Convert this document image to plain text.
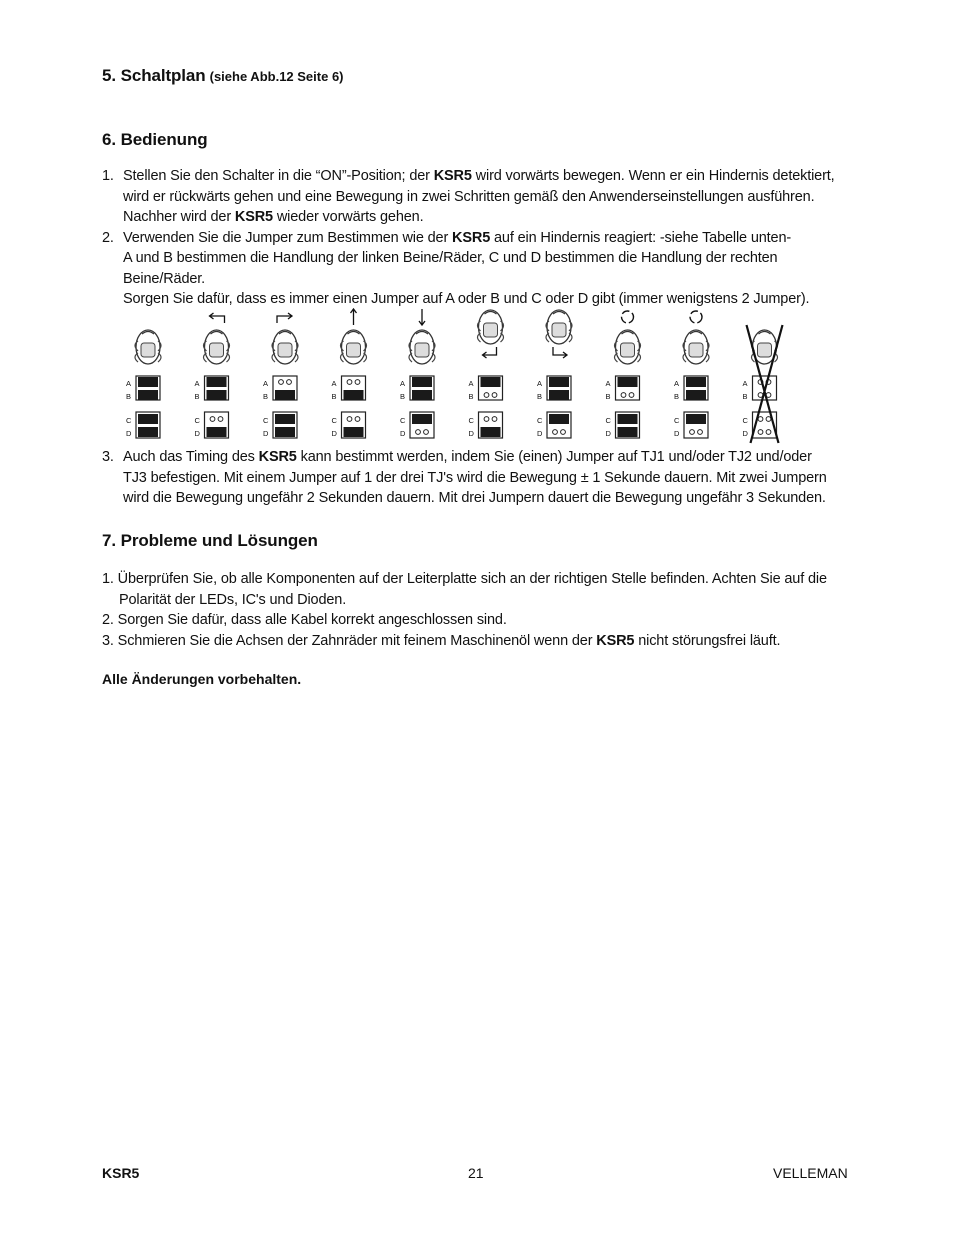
5. Schaltplan (siehe Abb.12 Seite 6)
6. Bedienung
1. Stellen Sie den Schalter in die “ON”-Position; der KSR5 wird vorwärts bewegen. Wenn er ein Hindernis detektiert,
wird er rückwärts gehen und eine Bewegung in zwei Schritten gemäß den Anwenderseinstellungen ausführen.
Nachher wird der KSR5 wieder vorwärts gehen.
2. Verwenden Sie die Jumper zum Bestimmen wie der KSR5 auf ein Hindernis reagiert: -siehe Tabelle unten-
A und B bestimmen die Handlung der linken Beine/Räder, C und D bestimmen die Handlung der rechten
Beine/Räder.
Sorgen Sie dafür, dass es immer einen Jumper auf A oder B und C oder D gibt (immer wenigstens 2 Jumper).
A
B
C
D
A
B
C
D
A
B
C
D
A
B
C
D
A
B
C
D
A
B
C
D
A
B
C
D
A
B
C
D
A
B
C
D
A
B
C
D
3. Auch das Timing des KSR5 kann bestimmt werden, indem Sie (einen) Jumper auf TJ1 und/oder TJ2 und/oder
TJ3 befestigen. Mit einem Jumper auf 1 der drei TJ's wird die Bewegung ± 1 Sekunde dauern. Mit zwei Jumpern
wird die Bewegung ungefähr 2 Sekunden dauern. Mit drei Jumpern dauert die Bewegung ungefähr 3 Sekunden.
7. Probleme und Lösungen
1. Überprüfen Sie, ob alle Komponenten auf der Leiterplatte sich an der richtigen Stelle befinden. Achten Sie auf die
Polarität der LEDs, IC's und Dioden.
2. Sorgen Sie dafür, dass alle Kabel korrekt angeschlossen sind.
3. Schmieren Sie die Achsen der Zahnräder mit feinem Maschinenöl wenn der KSR5 nicht störungsfrei läuft.
Alle Änderungen vorbehalten.
KSR5	21	VELLEMAN
